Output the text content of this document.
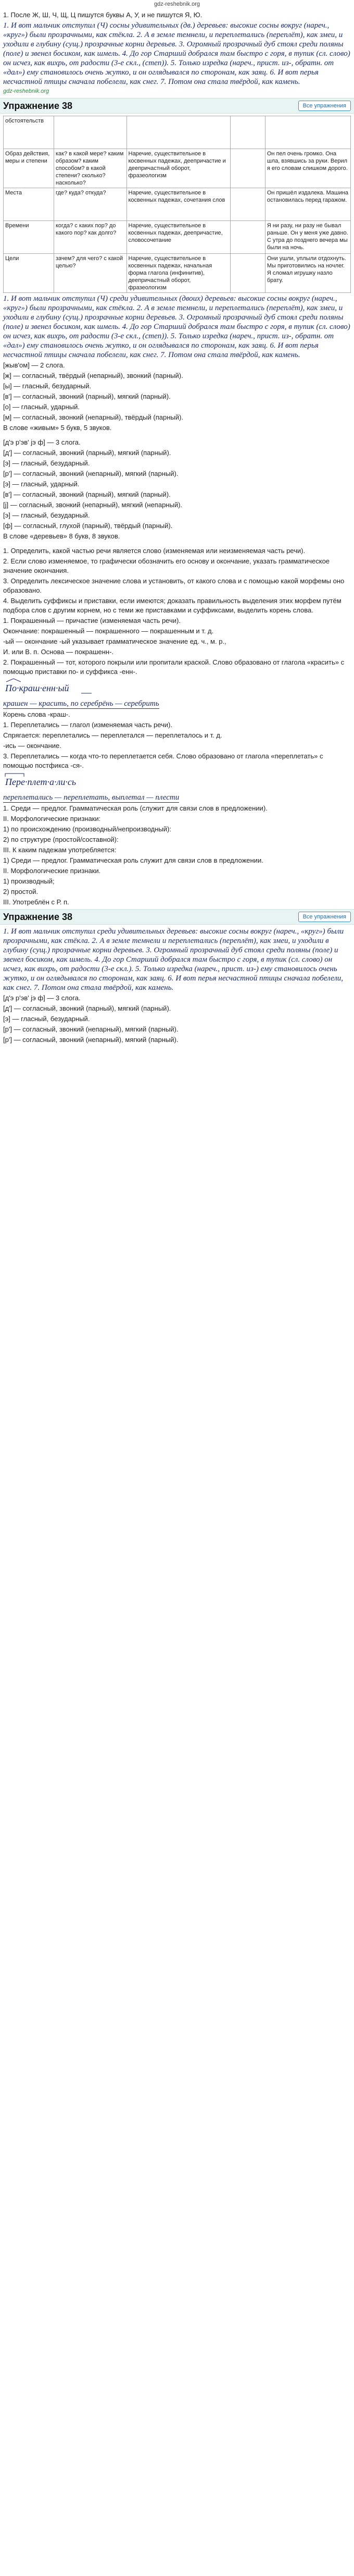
gdz-reshebnik.org
1. После Ж, Ш, Ч, Щ, Ц пишутся буквы А, У, и не пишутся Я, Ю.
1. И вот мальчик отступил (Ч) сосны удивительных (дв.) деревьев: высокие сосны вокруг (нареч., «круг») были прозрачными, как стёкла. 2. А в земле темнели, и переплетались (переплёт), как змеи, и уходили в глубину (сущ.) прозрачные корни деревьев. 3. Огромный прозрачный дуб стоял среди поляны (поле) и звенел босиком, как шмель. 4. До гор Старший добрался там быстро с горя, в тупик (сл. слово) он исчез, как вихрь, от радости (3-е скл., (степ)). 5. Только изредка (нареч., прист. из-, обратн. от «дал») ему становилось очень жутко, и он оглядывался по сторонам, как заяц. 6. И вот перья несчастной птицы сначала побелели, как снег. 7. Потом она стала твёрдой, как камень.
gdz-reshebnik.org
Упражнение 38	Все упражнения
обстоятельств				
Образ действия, меры и степени	как? в какой мере? каким образом? каким способом? в какой степени? сколько? насколько?	Наречие, существительное в косвенных падежах, деепричастие и деепричастный оборот, фразеологизм		Он пел очень громко. Она шла, взявшись за руки. Верил я его словам слишком дорого.
Места	где? куда? откуда?	Наречие, существительное в косвенных падежах, сочетания слов		Он пришёл издалека. Машина остановилась перед гаражом.
Времени	когда? с каких пор? до какого пор? как долго?	Наречие, существительное в косвенных падежах, деепричастие, словосочетание		Я ни разу, ни разу не бывал раньше. Он у меня ужe давно. С утра до позднего вечера мы были на ночь.
Цели	зачем? для чего? с какой целью?	Наречие, существительное в косвенных падежах, начальная форма глагола (инфинитив), деепричастный оборот, фразеологизм		Они ушли, уплыли отдохнуть. Мы приготовились на ночлег. Я сломал игрушку назло брату.
1. И вот мальчик отступил (Ч) среди удивительных (двоих) деревьев: высокие сосны вокруг (нареч., «круг») были прозрачными, как стёкла. 2. А в земле темнели, и переплетались (переплёт), как змеи, и уходили в глубину (сущ.) прозрачные корни деревьев. 3. Огромный прозрачный дуб стоял среди поляны (поле) и звенел босиком, как шмель. 4. До гор Старший добрался там быстро с горя, в тупик (сл. слово) он исчез, как вихрь, от радости (3-е скл., (степ)). 5. Только изредка (нареч., прист. из-, обратн. от «дал») ему становилось очень жутко, и он оглядывался по сторонам, как заяц. 6. И вот перья несчастной птицы сначала побелели, как снег. 7. Потом она стала твёрдой, как камень.
[жыв'ом] — 2 слога.
[ж] — согласный, твёрдый (непарный), звонкий (парный).
[ы] — гласный, безударный.
[в'] — согласный, звонкий (парный), мягкий (парный).
[о] — гласный, ударный.
[м] — согласный, звонкий (непарный), твёрдый (парный).
В слове «живым» 5 букв, 5 звуков.
[д'э р'эв' jэ ф] — 3 слога.
[д'] — согласный, звонкий (парный), мягкий (парный).
[э] — гласный, безударный.
[р'] — согласный, звонкий (непарный), мягкий (парный).
[э] — гласный, ударный.
[в'] — согласный, звонкий (парный), мягкий (парный).
[j] — согласный, звонкий (непарный), мягкий (непарный).
[э] — гласный, безударный.
[ф] — согласный, глухой (парный), твёрдый (парный).
В слове «деревьев» 8 букв, 8 звуков.
1. Определить, какой частью речи является слово (изменяемая или неизменяемая часть речи).
2. Если слово изменяемое, то графически обозначить его основу и окончание, указать грамматическое значение окончания.
3. Определить лексическое значение слова и установить, от какого слова и с помощью какой морфемы оно образовано.
4. Выделить суффиксы и приставки, если имеются; доказать правильность выделения этих морфем путём подбора слов с другим корнем, но с теми же приставками и суффиксами, выделить корень слова.
1. Покрашенный — причастие (изменяемая часть речи).
Окончание: покрашенный — покрашенного — покрашенным и т. д.
-ый — окончание -ый указывает грамматическое значение ед. ч., м. р.,
И. или В. п. Основа — покрашенн-.
2. Покрашенный — тот, которого покрыли или пропитали краской. Слово образовано от глагола «красить» с помощью приставки по- и суффикса -енн-.
По·краш·енн·ый
крашен — красить, по серебрёнь — серебрить
Корень слова -краш-.
1. Переплетались — глагол (изменяемая часть речи).
Спрягается: переплетались — переплетался — переплеталось и т. д.
-ись — окончание.
3. Переплетались — когда что-то переплетается себя. Слово образовано от глагола «переплетать» с помощью постфикса -ся-.
Пере·плет·а·ли·сь
переплетались — переплетать, выплетал — плести
1. Среди — предлог. Грамматическая роль (служит для связи слов в предложении).
II. Морфологические признаки:
1) по происхождению (производный/непроизводный):
2) по структуре (простой/составной):
III. К каким падежам употребляется:
1) Среди — предлог. Грамматическая роль служит для связи слов в предложении.
II. Морфологические признаки.
1) производный;
2) простой.
III. Употреблён с Р. п.
Упражнение 38	Все упражнения
1. И вот мальчик отступил среди удивительных деревьев: высокие сосны вокруг (нареч., «круг») были прозрачными, как стёкла. 2. А в земле темнели и переплетались (переплёт), как змеи, и уходили в глубину (сущ.) прозрачные корни деревьев. 3. Огромный прозрачный дуб стоял среди поляны (поле) и звенел босиком, как шмель. 4. До гор Старший добрался там быстро с горя, в тупик (сл. слово) он исчез, как вихрь, от радости (3-е скл.). 5. Только изредка (нареч., прист. из-) ему становилось очень жутко, и он оглядывался по сторонам, как заяц. 6. И вот перья несчастной птицы сначала побелели, как снег. 7. Потом она стала твёрдой, как камень.
[д'э р'эв' jэ ф] — 3 слога.
[д'] — согласный, звонкий (парный), мягкий (парный).
[э] — гласный, безударный.
[р'] — согласный, звонкий (непарный), мягкий (парный).
[р'] — согласный, звонкий (непарный), мягкий (парный).
